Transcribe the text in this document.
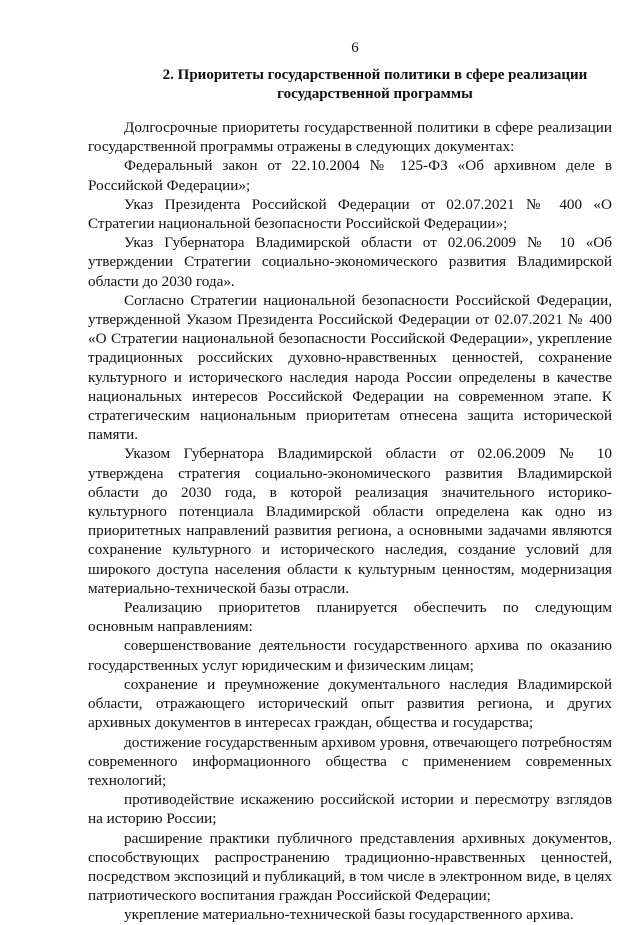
6
2. Приоритеты государственной политики в сфере реализации государственной программы

Долгосрочные приоритеты государственной политики в сфере реализации государственной программы отражены в следующих документах:

Федеральный закон от 22.10.2004 № 125-ФЗ «Об архивном деле в Российской Федерации»;

Указ Президента Российской Федерации от 02.07.2021 № 400 «О Стратегии национальной безопасности Российской Федерации»;

Указ Губернатора Владимирской области от 02.06.2009 № 10 «Об утверждении Стратегии социально-экономического развития Владимирской области до 2030 года».

Согласно Стратегии национальной безопасности Российской Федерации, утвержденной Указом Президента Российской Федерации от 02.07.2021 № 400 «О Стратегии национальной безопасности Российской Федерации», укрепление традиционных российских духовно-нравственных ценностей, сохранение культурного и исторического наследия народа России определены в качестве национальных интересов Российской Федерации на современном этапе. К стратегическим национальным приоритетам отнесена защита исторической памяти.

Указом Губернатора Владимирской области от 02.06.2009 № 10 утверждена стратегия социально-экономического развития Владимирской области до 2030 года, в которой реализация значительного историко-культурного потенциала Владимирской области определена как одно из приоритетных направлений развития региона, а основными задачами являются сохранение культурного и исторического наследия, создание условий для широкого доступа населения области к культурным ценностям, модернизация материально-технической базы отрасли.

Реализацию приоритетов планируется обеспечить по следующим основным направлениям:

совершенствование деятельности государственного архива по оказанию государственных услуг юридическим и физическим лицам;

сохранение и преумножение документального наследия Владимирской области, отражающего исторический опыт развития региона, и других архивных документов в интересах граждан, общества и государства;

достижение государственным архивом уровня, отвечающего потребностям современного информационного общества с применением современных технологий;

противодействие искажению российской истории и пересмотру взглядов на историю России;

расширение практики публичного представления архивных документов, способствующих распространению традиционно-нравственных ценностей, посредством экспозиций и публикаций, в том числе в электронном виде, в целях патриотического воспитания граждан Российской Федерации;

укрепление материально-технической базы государственного архива.
